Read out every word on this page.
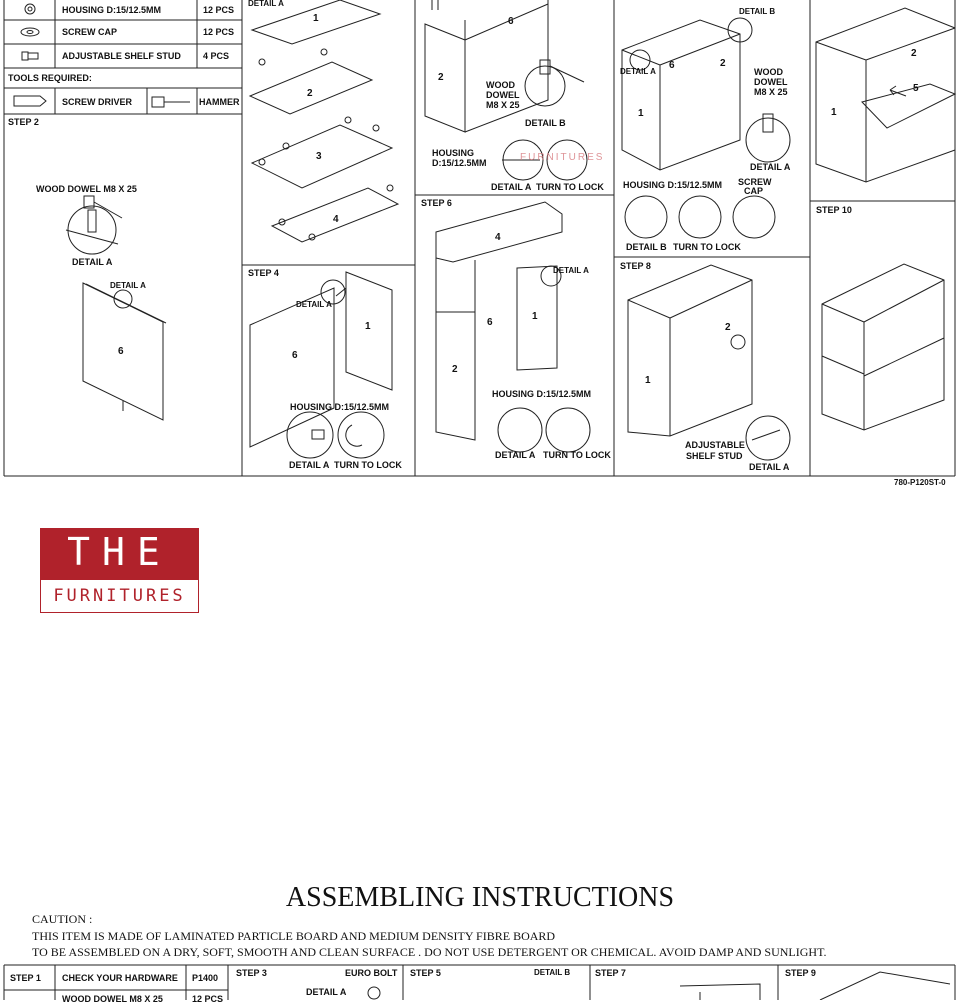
HOUSING D:15/12.5MM	12 PCS
SCREW CAP	12 PCS
ADJUSTABLE SHELF STUD 4 PCS
TOOLS REQUIRED:
SCREW DRIVER	HAMMER
STEP 2
WOOD DOWEL M8 X 25
DETAIL A
DETAIL A
6
DETAIL A
1
2
3
4
STEP 4
DETAIL A
6
1
HOUSING D:15/12.5MM
DETAIL A TURN TO LOCK
6
2
WOOD
DOWEL
M8 X 25
DETAIL B
FURNITURES
HOUSING
D:15/12.5MM
DETAIL A TURN TO LOCK
STEP 6
4
DETAIL A
6
1
2
HOUSING D:15/12.5MM
DETAIL A TURN TO LOCK
DETAIL B
DETAIL A
6	2
1
WOOD
DOWEL
M8 X 25
DETAIL A
HOUSING D:15/12.5MM SCREW
CAP
DETAIL B TURN TO LOCK
STEP 8
1
2
ADJUSTABLE
SHELF STUD
DETAIL A
2
1
5
STEP 10
780-P120ST-0
THE
FURNITURES
ASSEMBLING INSTRUCTIONS
CAUTION :
THIS ITEM IS MADE OF LAMINATED PARTICLE BOARD AND MEDIUM DENSITY FIBRE BOARD
TO BE ASSEMBLED ON A DRY, SOFT, SMOOTH AND CLEAN SURFACE . DO NOT USE DETERGENT OR CHEMICAL. AVOID DAMP AND SUNLIGHT.
STEP 1 CHECK YOUR HARDWARE P1400
WOOD DOWEL M8 X 25	12 PCS
STEP 3	EURO BOLT
DETAIL A
STEP 5	DETAIL B	STEP 7	STEP 9
